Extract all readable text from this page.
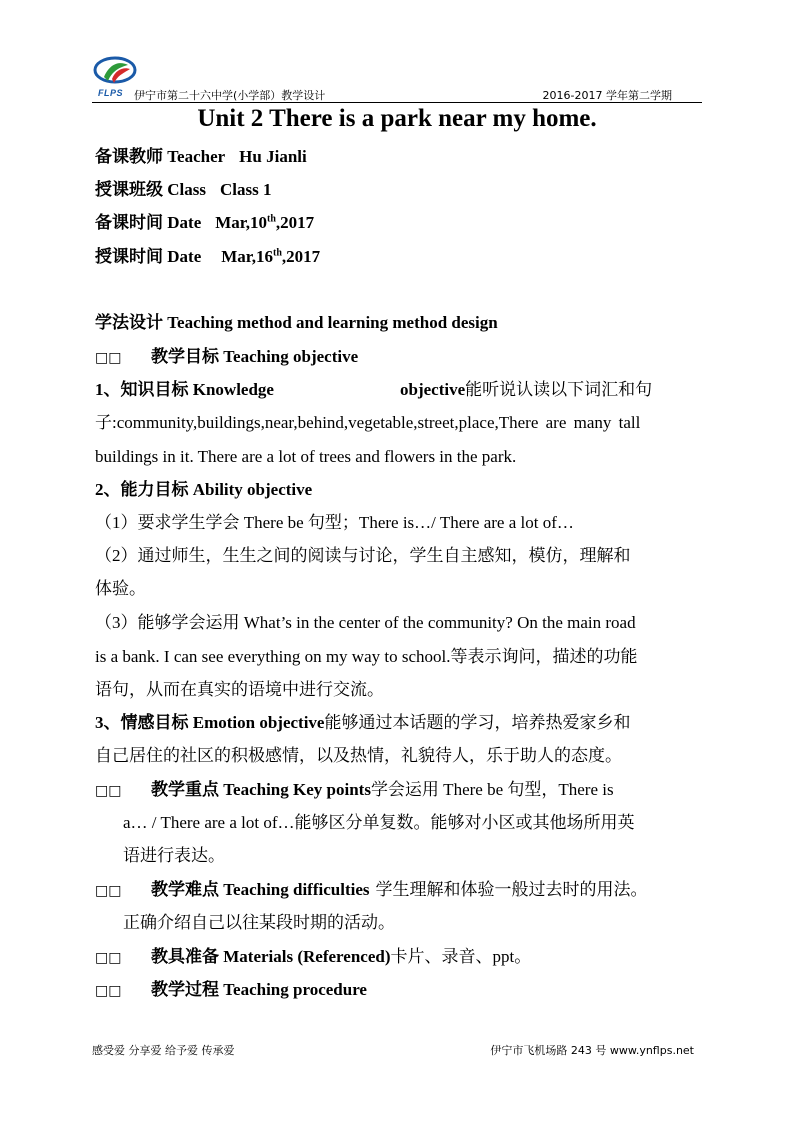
FLPS 伊宁市第二十六中学(小学部）教学设计	2016-2017 学年第二学期
Unit 2 There is a park near my home.
备课教师 Teacher Hu Jianli
授课班级 Class Class 1
备课时间 Date Mar,10th,2017
授课时间 Date Mar,16th,2017
学法设计 Teaching method and learning method design
□□ 教学目标 Teaching objective
1、知识目标 Knowledge	objective能听说认读以下词汇和句
子:community,buildings,near,behind,vegetable,street,place,There are many tall
buildings in it. There are a lot of trees and flowers in the park.
2、能力目标 Ability objective
（1）要求学生学会 There be 句型；There is…/ There are a lot of…
（2）通过师生，生生之间的阅读与讨论，学生自主感知，模仿，理解和
体验。
（3）能够学会运用 What’s in the center of the community? On the main road
is a bank. I can see everything on my way to school.等表示询问，描述的功能
语句，从而在真实的语境中进行交流。
3、情感目标 Emotion objective能够通过本话题的学习，培养热爱家乡和
自己居住的社区的积极感情，以及热情，礼貌待人，乐于助人的态度。
□□ 教学重点 Teaching Key points学会运用 There be 句型，There is
a… / There are a lot of…能够区分单复数。能够对小区或其他场所用英
语进行表达。
□□ 教学难点 Teaching difficulties 学生理解和体验一般过去时的用法。
正确介绍自己以往某段时期的活动。
□□ 教具准备 Materials (Referenced)卡片、录音、ppt。
□□ 教学过程 Teaching procedure
感受爱 分享爱 给予爱 传承爱	伊宁市飞机场路 243 号 www.ynflps.net
